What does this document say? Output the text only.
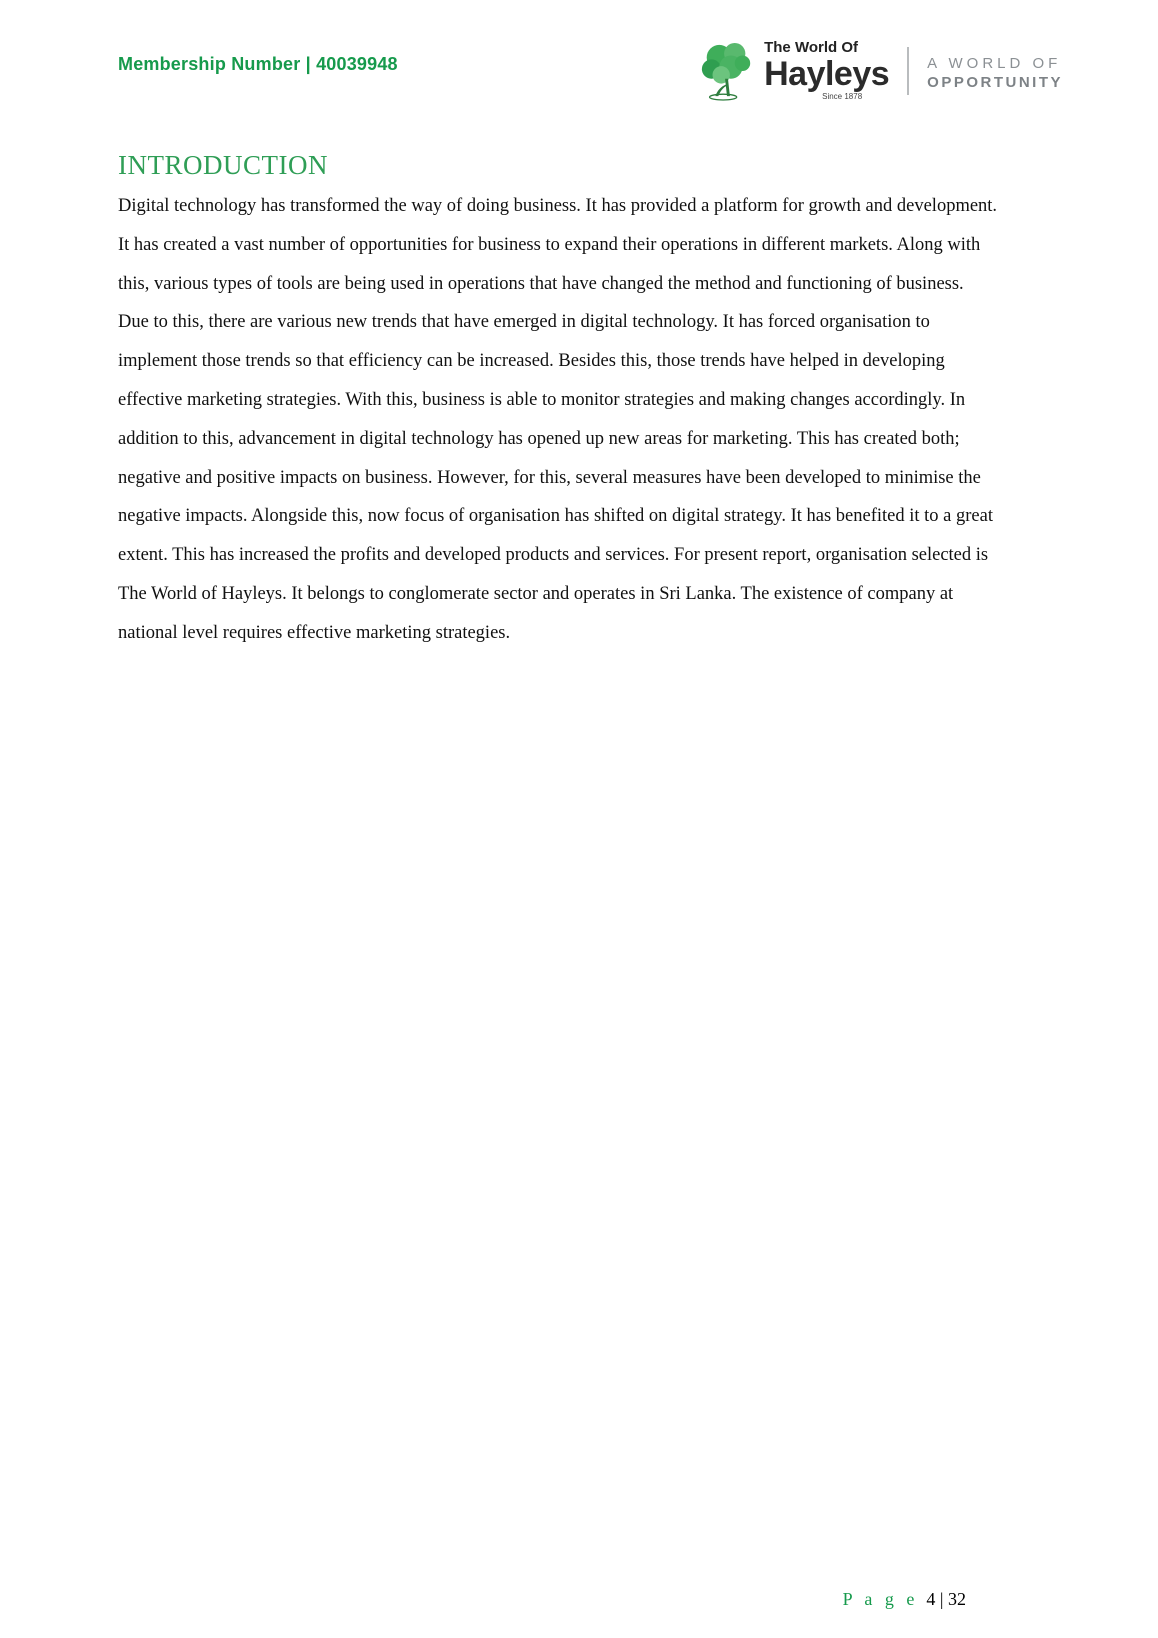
Membership Number | 40039948
The World Of
Hayleys
Since 1878
A WORLD OF
OPPORTUNITY
INTRODUCTION

Digital technology has transformed the way of doing business. It has provided a platform for growth and development. It has created a vast number of opportunities for business to expand their operations in different markets. Along with this, various types of tools are being used in operations that have changed the method and functioning of business. Due to this, there are various new trends that have emerged in digital technology. It has forced organisation to implement those trends so that efficiency can be increased. Besides this, those trends have helped in developing effective marketing strategies. With this, business is able to monitor strategies and making changes accordingly. In addition to this, advancement in digital technology has opened up new areas for marketing. This has created both; negative and positive impacts on business. However, for this, several measures have been developed to minimise the negative impacts. Alongside this, now focus of organisation has shifted on digital strategy. It has benefited it to a great extent. This has increased the profits and developed products and services. For present report, organisation selected is The World of Hayleys. It belongs to conglomerate sector and operates in Sri Lanka. The existence of company at national level requires effective marketing strategies.

P a g e 4 | 32
